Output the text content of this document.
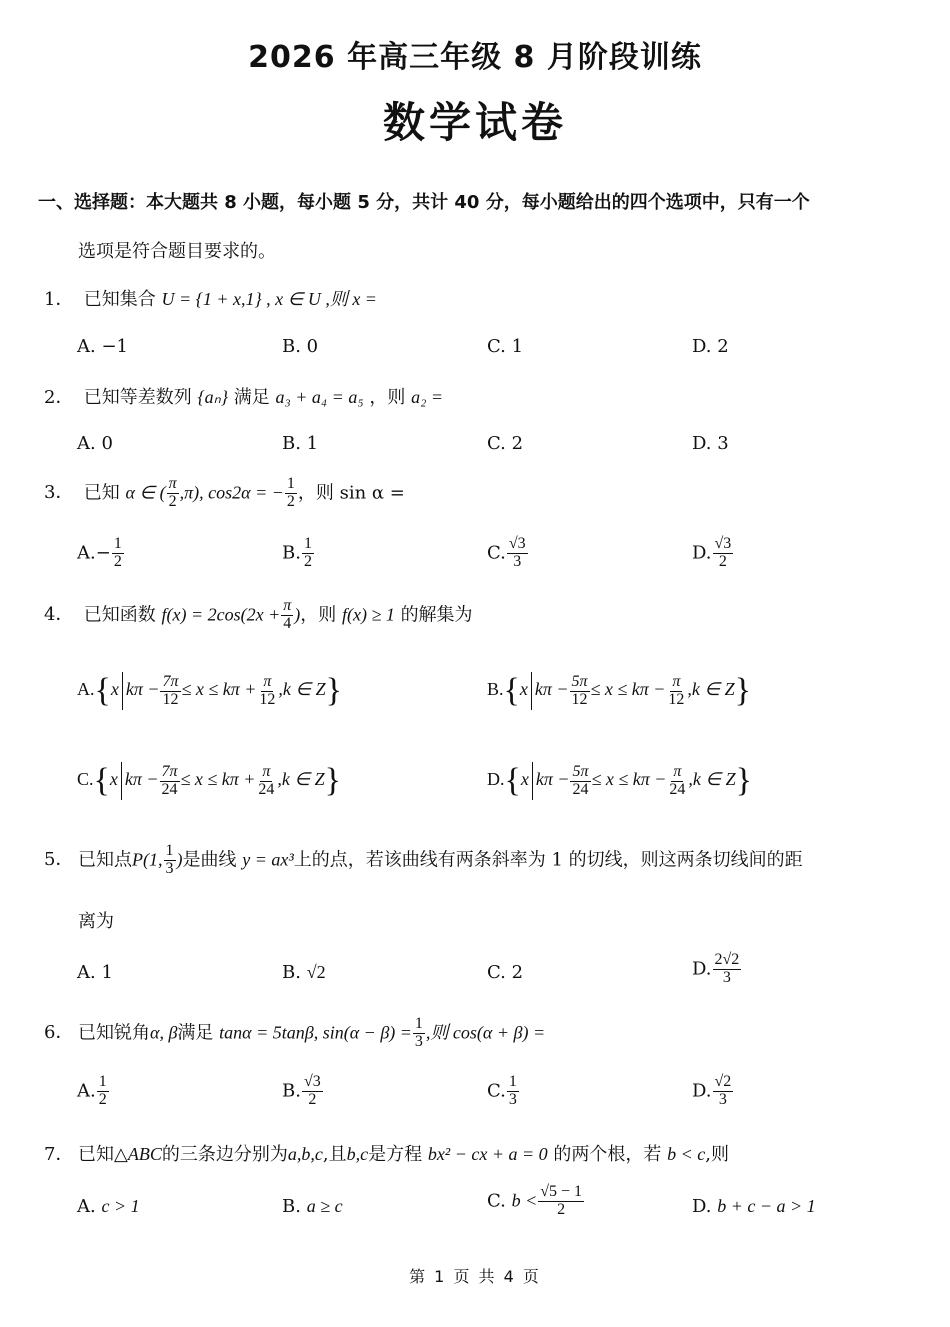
2026 年高三年级 8 月阶段训练
数学试卷
一、选择题：本大题共 8 小题，每小题 5 分，共计 40 分，每小题给出的四个选项中，只有一个
选项是符合题目要求的。
1． 已知集合 U = {1 + x,1} , x ∈ U ,则 x =
A. −1	B. 0	C. 1	D. 2
2． 已知等差数列 {aₙ} 满足 a₃ + a₄ = a₅ ，则 a₂ =
A. 0	B. 1	C. 2	D. 3
3． 已知 α ∈ ( $\frac{\pi}{2} ,\pi$), cos2α = − $\frac{1}{2}$ ，则 sin α =
$A.- \frac{1}{2}$	B. $\frac{1}{2}$	C. $\frac{√3}{3}$	D. $\frac{√3}{2}$
4． 已知函数 $f(x) = 2\cos(2x + \frac{\pi}{4}$ )，则 f(x) ≥ 1 的解集为
A.{x $k\pi - \frac{7\pi}{12} \le x \le k\pi + \frac{\pi}{12} ,k$ ∈ Z}	B.{x $k\pi - \frac{5\pi}{12} \le x \le k\pi - \frac{\pi}{12} ,k$ ∈ Z}
C.{x $k\pi - \frac{7\pi}{24} \le x \le k\pi + \frac{\pi}{24} ,k$ ∈ Z}	D.{x $k\pi - \frac{5\pi}{24} \le x \le k\pi - \frac{\pi}{24} ,k$ ∈ Z}
5． 已知点P(1, $\frac{1}{3}$ )是曲线 y = ax³上的点，若该曲线有两条斜率为 1 的切线，则这两条切线间的距
离为
A. 1	B. √2	C. 2	D. $\frac{2√2}{3}$
6． 已知锐角α, β满足 tanα = 5tanβ, $\sin(\alpha - \beta) = \frac{1}{3}$ ,则 cos(α + β) =
A. $\frac{1}{2}$	B. $\frac{√3}{2}$	C. $\frac{1}{3}$	D. $\frac{√2}{3}$
7． 已知△ABC的三条边分别为a,b,c,且b,c是方程 bx² − cx + a = 0 的两个根，若 b < c,则
A. c > 1	B. a ≥ c	C. $b < \frac{√5 - 1}{2}$	D. b + c − a > 1
第 1 页 共 4 页
